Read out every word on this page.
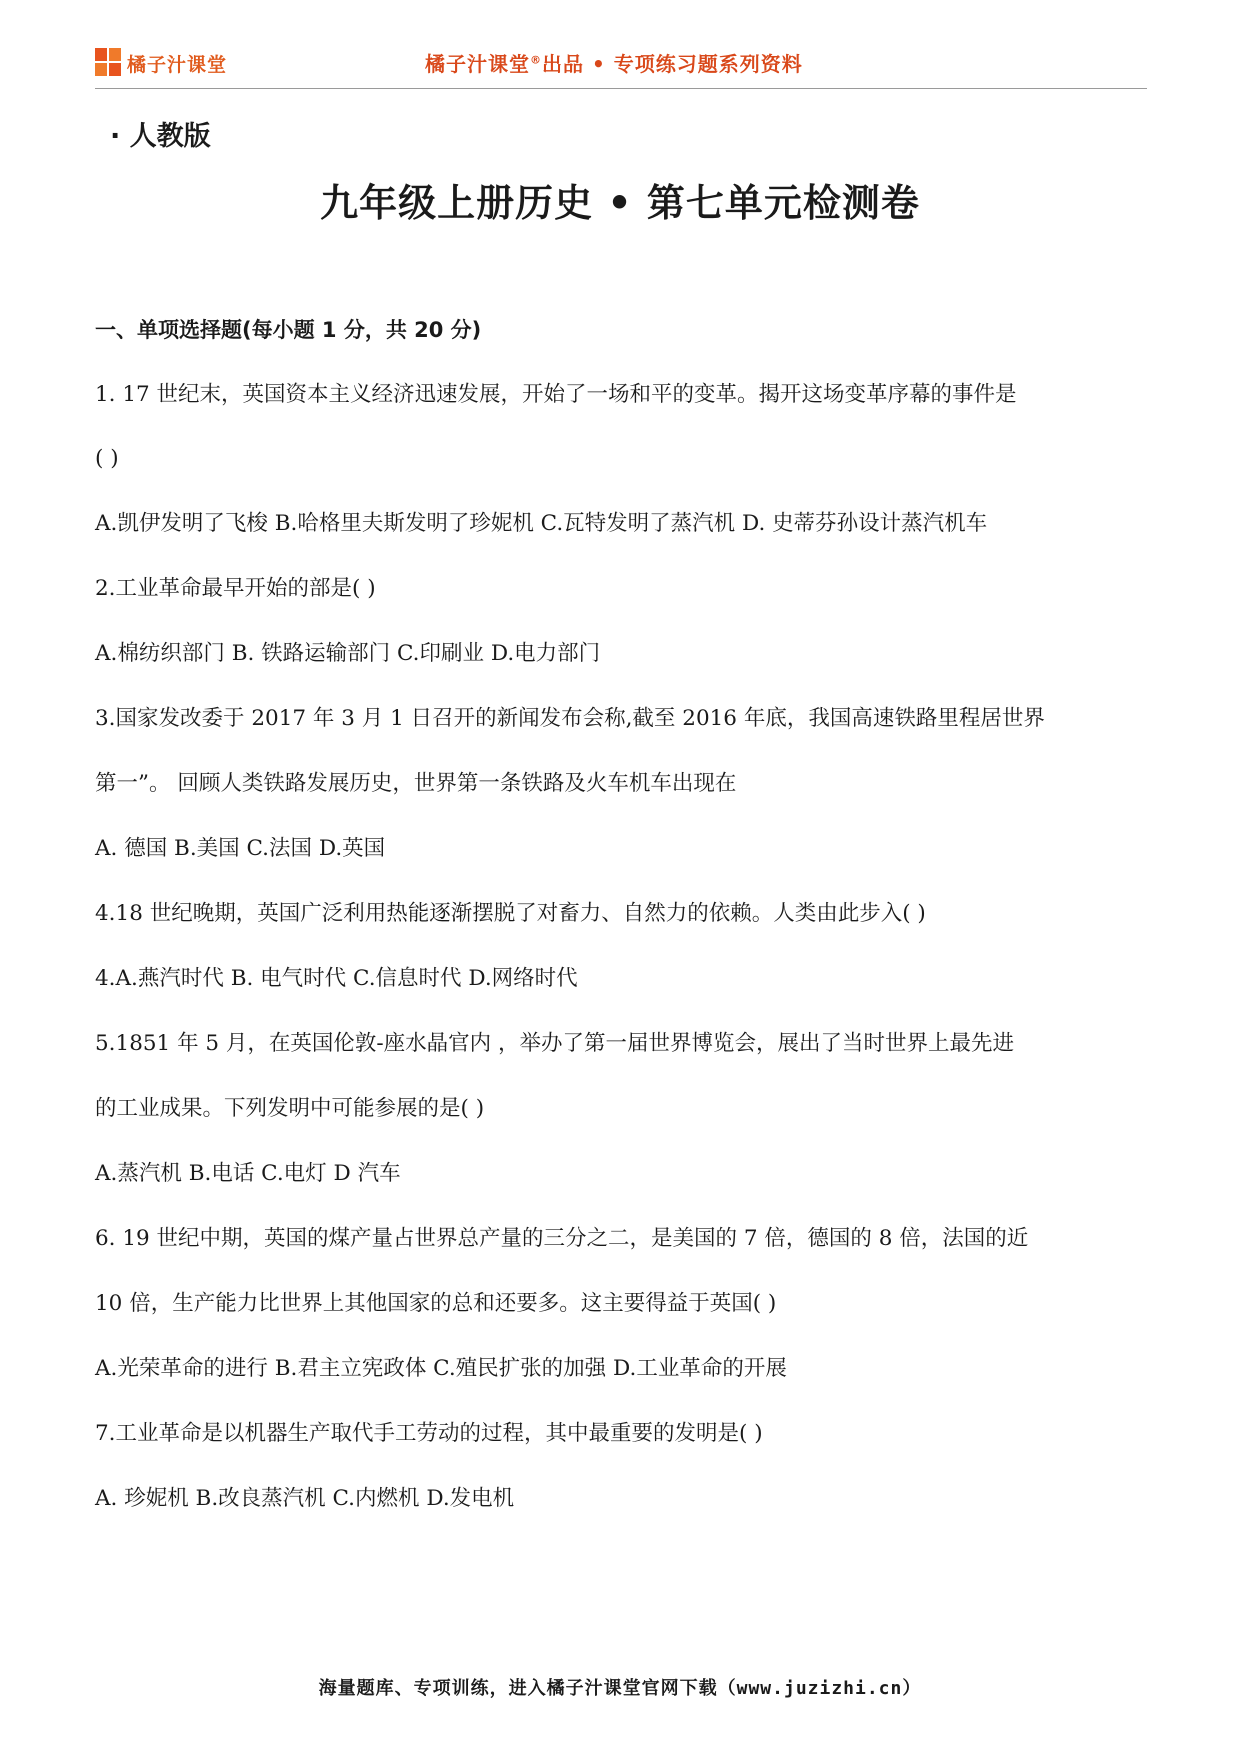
橘子汁课堂	橘子汁课堂®出品 • 专项练习题系列资料
· 人教版
九年级上册历史 • 第七单元检测卷
一、单项选择题(每小题 1 分，共 20 分)
1. 17 世纪末，英国资本主义经济迅速发展，开始了一场和平的变革。揭开这场变革序幕的事件是
( )
A.凯伊发明了飞梭 B.哈格里夫斯发明了珍妮机 C.瓦特发明了蒸汽机 D. 史蒂芬孙设计蒸汽机车
2.工业革命最早开始的部是( )
A.棉纺织部门 B. 铁路运输部门 C.印刷业 D.电力部门
3.国家发改委于 2017 年 3 月 1 日召开的新闻发布会称,截至 2016 年底，我国高速铁路里程居世界
第一”。 回顾人类铁路发展历史，世界第一条铁路及火车机车出现在
A. 德国 B.美国 C.法国 D.英国
4.18 世纪晚期，英国广泛利用热能逐渐摆脱了对畜力、自然力的依赖。人类由此步入( )
4.A.燕汽时代 B. 电气时代 C.信息时代 D.网络时代
5.1851 年 5 月，在英国伦敦-座水晶官内 ，举办了第一届世界博览会，展出了当时世界上最先进
的工业成果。下列发明中可能参展的是( )
A.蒸汽机 B.电话 C.电灯 D 汽车
6. 19 世纪中期，英国的煤产量占世界总产量的三分之二，是美国的 7 倍，德国的 8 倍，法国的近
10 倍，生产能力比世界上其他国家的总和还要多。这主要得益于英国( )
A.光荣革命的进行 B.君主立宪政体 C.殖民扩张的加强 D.工业革命的开展
7.工业革命是以机器生产取代手工劳动的过程，其中最重要的发明是( )
A. 珍妮机 B.改良蒸汽机 C.内燃机 D.发电机
海量题库、专项训练，进入橘子汁课堂官网下载（www.juzizhi.cn）
